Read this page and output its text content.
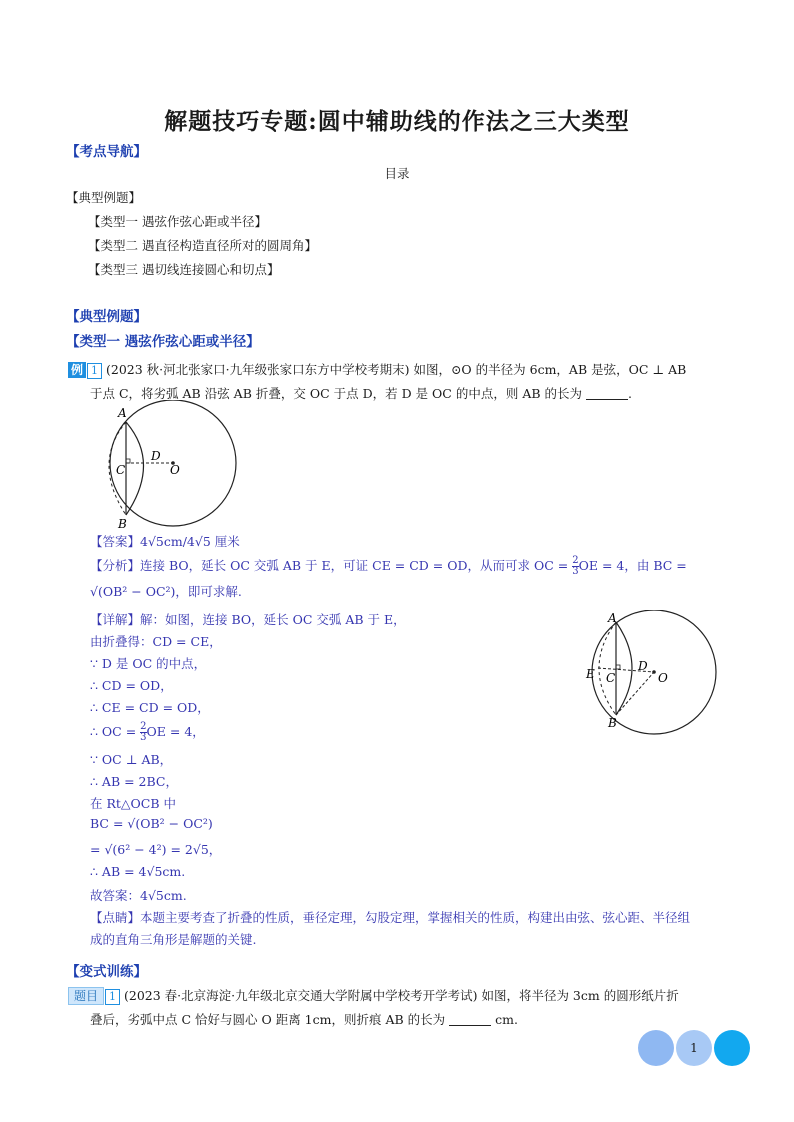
解题技巧专题:圆中辅助线的作法之三大类型
【考点导航】
目录
【典型例题】
【类型一 遇弦作弦心距或半径】
【类型二 遇直径构造直径所对的圆周角】
【类型三 遇切线连接圆心和切点】
【典型例题】
【类型一 遇弦作弦心距或半径】
例 1 (2023 秋·河北张家口·九年级张家口东方中学校考期末) 如图，⊙O 的半径为 6cm，AB 是弦，OC ⊥ AB
于点 C，将劣弧 AB 沿弦 AB 折叠，交 OC 于点 D，若 D 是 OC 的中点，则 AB 的长为	.
A
B
C
D
O
【答案】4√5cm/4√5 厘米
【分析】连接 BO，延长 OC 交弧 AB 于 E，可证 CE = CD = OD，从而可求 OC = $\frac{2}{3}$ OE = 4，由 BC =
√(OB² − OC²)，即可求解.
【详解】解：如图，连接 BO，延长 OC 交弧 AB 于 E，
由折叠得：CD = CE，
∵ D 是 OC 的中点，
∴ CD = OD，
∴ CE = CD = OD，
∴ OC = $\frac{2}{3}$ OE = 4，
∵ OC ⊥ AB，
∴ AB = 2BC，
在 Rt△OCB 中
BC = √(OB² − OC²)
= √(6² − 4²) = 2√5，
∴ AB = 4√5cm.
故答案：4√5cm.
【点睛】本题主要考查了折叠的性质，垂径定理，勾股定理，掌握相关的性质，构建出由弦、弦心距、半径组
成的直角三角形是解题的关键.
A
B
C
D
E	O
【变式训练】
题目 1 (2023 春·北京海淀·九年级北京交通大学附属中学校考开学考试) 如图，将半径为 3cm 的圆形纸片折
叠后，劣弧中点 C 恰好与圆心 O 距离 1cm，则折痕 AB 的长为	cm.
1
